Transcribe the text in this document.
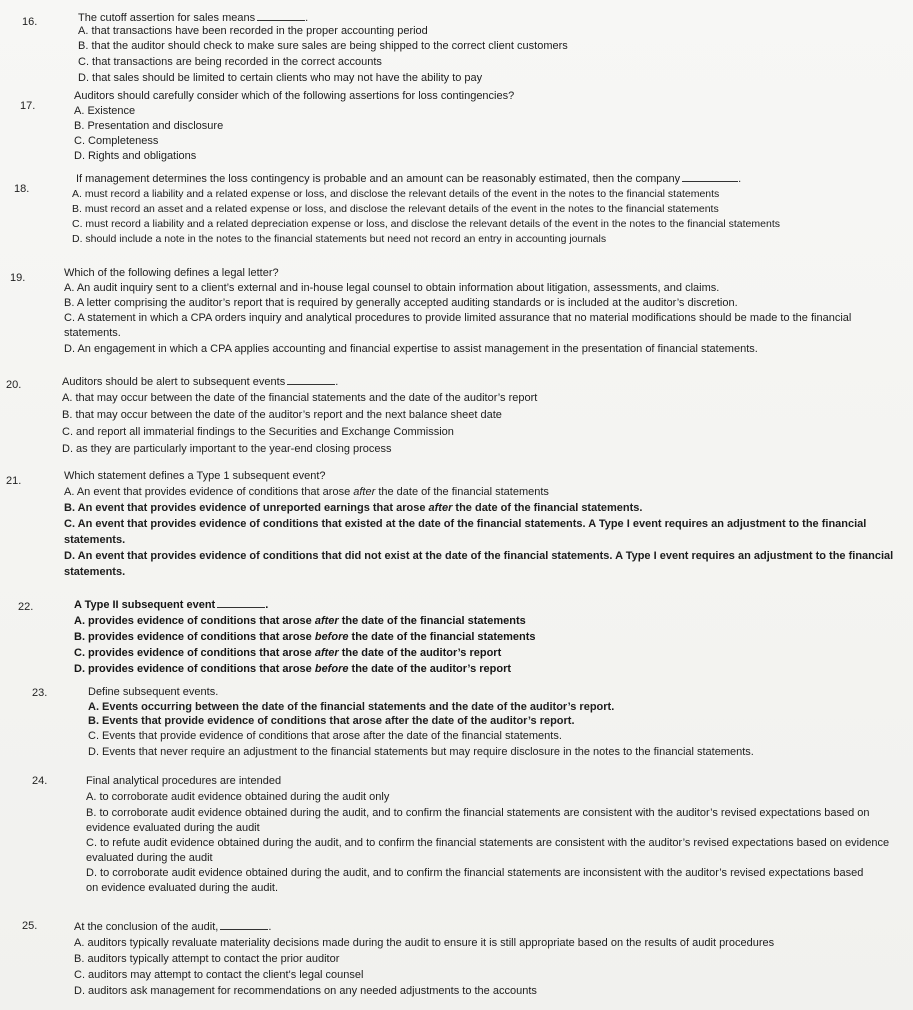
16.	The cutoff assertion for sales means	.
A. that transactions have been recorded in the proper accounting period
B. that the auditor should check to make sure sales are being shipped to the correct client customers
C. that transactions are being recorded in the correct accounts
D. that sales should be limited to certain clients who may not have the ability to pay
17.
Auditors should carefully consider which of the following assertions for loss contingencies?
A. Existence
B. Presentation and disclosure
C. Completeness
D. Rights and obligations
18.
If management determines the loss contingency is probable and an amount can be reasonably estimated, then the company	.
A. must record a liability and a related expense or loss, and disclose the relevant details of the event in the notes to the financial statements
B. must record an asset and a related expense or loss, and disclose the relevant details of the event in the notes to the financial statements
C. must record a liability and a related depreciation expense or loss, and disclose the relevant details of the event in the notes to the financial statements
D. should include a note in the notes to the financial statements but need not record an entry in accounting journals
19.	Which of the following defines a legal letter?
A. An audit inquiry sent to a client’s external and in-house legal counsel to obtain information about litigation, assessments, and claims.
B. A letter comprising the auditor’s report that is required by generally accepted auditing standards or is included at the auditor’s discretion.
C. A statement in which a CPA orders inquiry and analytical procedures to provide limited assurance that no material modifications should be made to the financial statements.
D. An engagement in which a CPA applies accounting and financial expertise to assist management in the presentation of financial statements.
20.	Auditors should be alert to subsequent events	.
A. that may occur between the date of the financial statements and the date of the auditor’s report
B. that may occur between the date of the auditor’s report and the next balance sheet date
C. and report all immaterial findings to the Securities and Exchange Commission
D. as they are particularly important to the year-end closing process
21.	Which statement defines a Type 1 subsequent event?
A. An event that provides evidence of conditions that arose after the date of the financial statements
B. An event that provides evidence of unreported earnings that arose after the date of the financial statements.
C. An event that provides evidence of conditions that existed at the date of the financial statements. A Type I event requires an adjustment to the financial statements.
D. An event that provides evidence of conditions that did not exist at the date of the financial statements. A Type I event requires an adjustment to the financial statements.
22.	A Type II subsequent event	.
A. provides evidence of conditions that arose after the date of the financial statements
B. provides evidence of conditions that arose before the date of the financial statements
C. provides evidence of conditions that arose after the date of the auditor’s report
D. provides evidence of conditions that arose before the date of the auditor’s report
23.	Define subsequent events.
A. Events occurring between the date of the financial statements and the date of the auditor’s report.
B. Events that provide evidence of conditions that arose after the date of the auditor’s report.
C. Events that provide evidence of conditions that arose after the date of the financial statements.
D. Events that never require an adjustment to the financial statements but may require disclosure in the notes to the financial statements.
24.	Final analytical procedures are intended
A. to corroborate audit evidence obtained during the audit only
B. to corroborate audit evidence obtained during the audit, and to confirm the financial statements are consistent with the auditor’s revised expectations based on evidence evaluated during the audit
C. to refute audit evidence obtained during the audit, and to confirm the financial statements are consistent with the auditor’s revised expectations based on evidence evaluated during the audit
D. to corroborate audit evidence obtained during the audit, and to confirm the financial statements are inconsistent with the auditor’s revised expectations based on evidence evaluated during the audit.
25.	At the conclusion of the audit,	.
A. auditors typically revaluate materiality decisions made during the audit to ensure it is still appropriate based on the results of audit procedures
B. auditors typically attempt to contact the prior auditor
C. auditors may attempt to contact the client's legal counsel
D. auditors ask management for recommendations on any needed adjustments to the accounts
